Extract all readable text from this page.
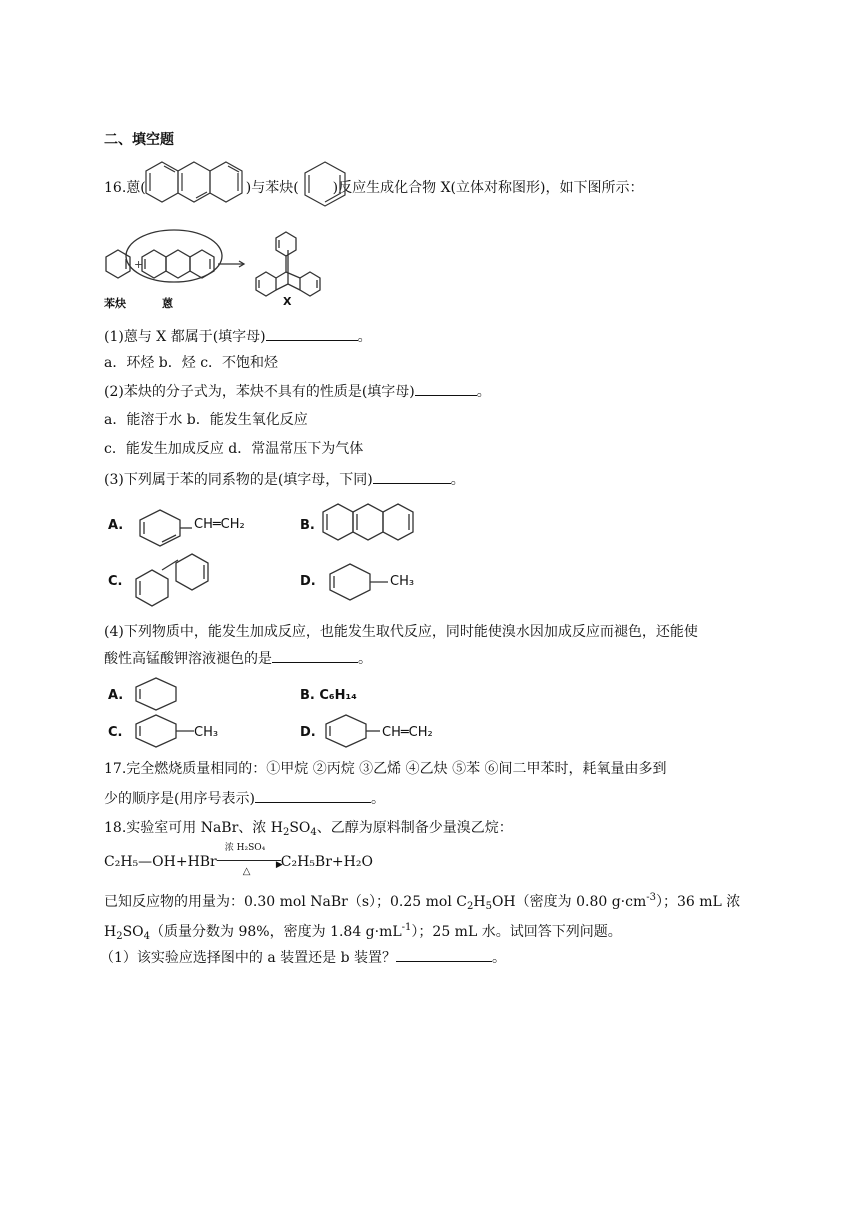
二、填空题
16.蒽(	)与苯炔( )反应生成化合物 X(立体对称图形)，如下图所示：
+
苯炔	蒽	X
(1)蒽与 X 都属于(填字母)	。
a．环烃 b．烃 c．不饱和烃
(2)苯炔的分子式为，苯炔不具有的性质是(填字母)	。
a．能溶于水 b．能发生氧化反应
c．能发生加成反应 d．常温常压下为气体
(3)下列属于苯的同系物的是(填字母，下同)	。
A.	CH═CH₂	B.
C.	D.	CH₃
(4)下列物质中，能发生加成反应，也能发生取代反应，同时能使溴水因加成反应而褪色，还能使
酸性高锰酸钾溶液褪色的是	。
A.	B. C₆H₁₄
C.	CH₃	D.	CH═CH₂
17.完全燃烧质量相同的：①甲烷 ②丙烷 ③乙烯 ④乙炔 ⑤苯 ⑥间二甲苯时，耗氧量由多到
少的顺序是(用序号表示)	。
18.实验室可用 NaBr、浓 $H_2SO_4$、乙醇为原料制备少量溴乙烷：
C₂H₅—OH+HBr
浓 H₂SO₄
▶
△
C₂H₅Br+H₂O
已知反应物的用量为：0.30 mol NaBr（s）；0.25 mol $C_2H_5OH$（密度为 0.80 $g\cdot cm^{-3}$）；36 mL 浓
$H_2SO_4$（质量分数为 98%，密度为 1.84 $g\cdot mL^{-1}$）；25 mL 水。试回答下列问题。
（1）该实验应选择图中的 a 装置还是 b 装置？	。
